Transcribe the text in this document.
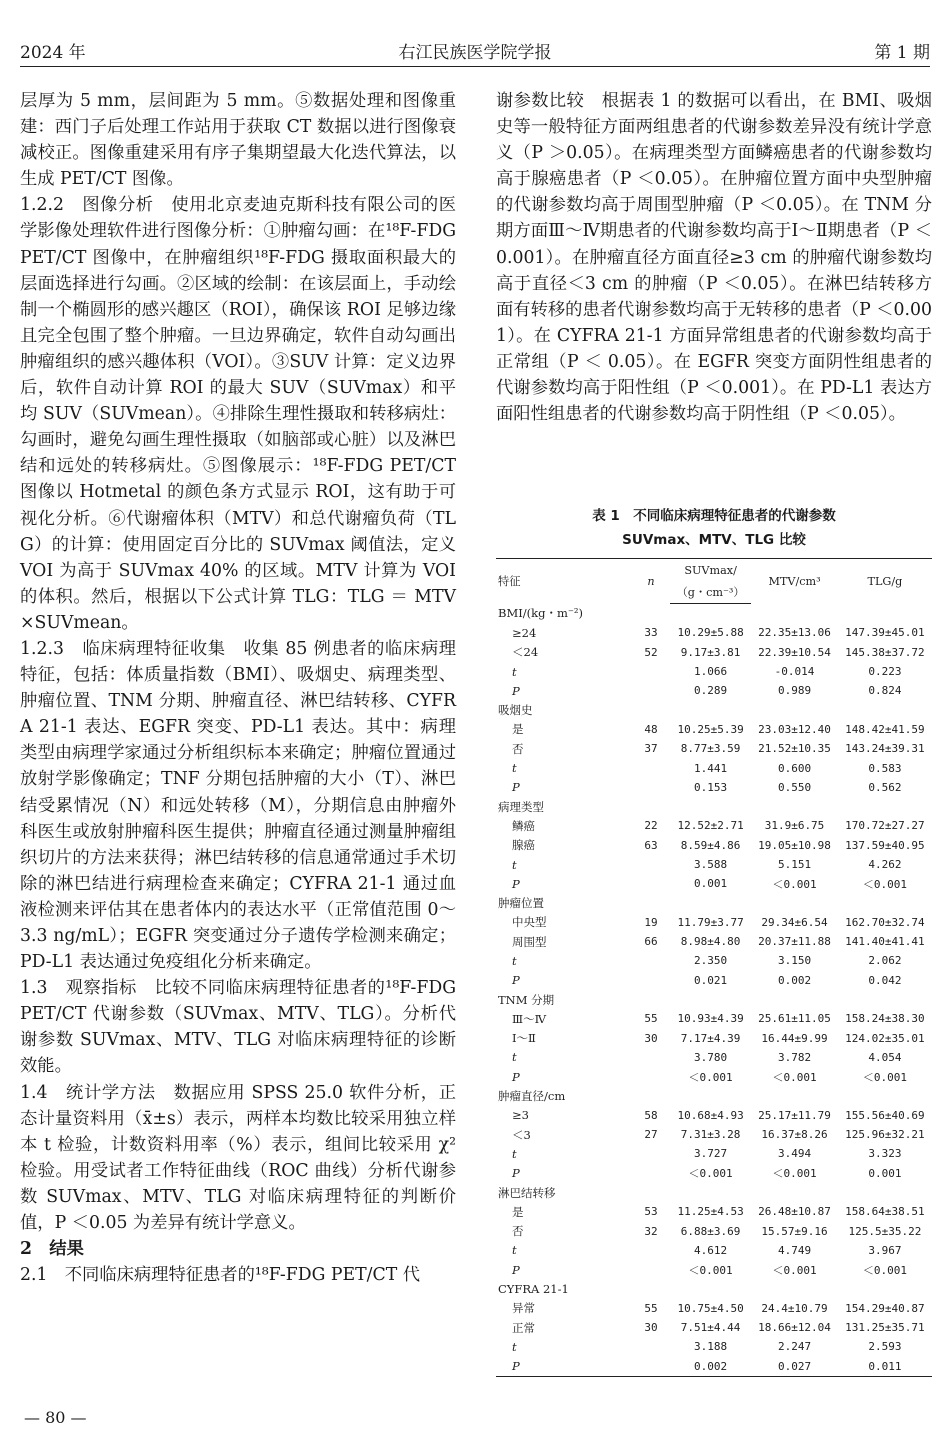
2024 年	右江民族医学院学报	第 1 期

层厚为 5 mm，层间距为 5 mm。⑤数据处理和图像重建：西门子后处理工作站用于获取 CT 数据以进行图像衰减校正。图像重建采用有序子集期望最大化迭代算法，以生成 PET/CT 图像。

1.2.2　图像分析　使用北京麦迪克斯科技有限公司的医学影像处理软件进行图像分析：①肿瘤勾画：在¹⁸F-FDG PET/CT 图像中，在肿瘤组织¹⁸F-FDG 摄取面积最大的层面选择进行勾画。②区域的绘制：在该层面上，手动绘制一个椭圆形的感兴趣区（ROI），确保该 ROI 足够边缘且完全包围了整个肿瘤。一旦边界确定，软件自动勾画出肿瘤组织的感兴趣体积（VOI）。③SUV 计算：定义边界后，软件自动计算 ROI 的最大 SUV（SUVmax）和平均 SUV（SUVmean）。④排除生理性摄取和转移病灶：勾画时，避免勾画生理性摄取（如脑部或心脏）以及淋巴结和远处的转移病灶。⑤图像展示：¹⁸F-FDG PET/CT 图像以 Hotmetal 的颜色条方式显示 ROI，这有助于可视化分析。⑥代谢瘤体积（MTV）和总代谢瘤负荷（TLG）的计算：使用固定百分比的 SUVmax 阈值法，定义 VOI 为高于 SUVmax 40% 的区域。MTV 计算为 VOI 的体积。然后，根据以下公式计算 TLG：TLG ＝ MTV×SUVmean。

1.2.3　临床病理特征收集　收集 85 例患者的临床病理特征，包括：体质量指数（BMI）、吸烟史、病理类型、肿瘤位置、TNM 分期、肿瘤直径、淋巴结转移、CYFRA 21-1 表达、EGFR 突变、PD-L1 表达。其中：病理类型由病理学家通过分析组织标本来确定；肿瘤位置通过放射学影像确定；TNF 分期包括肿瘤的大小（T）、淋巴结受累情况（N）和远处转移（M），分期信息由肿瘤外科医生或放射肿瘤科医生提供；肿瘤直径通过测量肿瘤组织切片的方法来获得；淋巴结转移的信息通常通过手术切除的淋巴结进行病理检查来确定；CYFRA 21-1 通过血液检测来评估其在患者体内的表达水平（正常值范围 0～3.3 ng/mL）；EGFR 突变通过分子遗传学检测来确定；PD-L1 表达通过免疫组化分析来确定。

1.3　观察指标　比较不同临床病理特征患者的¹⁸F-FDG PET/CT 代谢参数（SUVmax、MTV、TLG）。分析代谢参数 SUVmax、MTV、TLG 对临床病理特征的诊断效能。

1.4　统计学方法　数据应用 SPSS 25.0 软件分析，正态计量资料用（x̄±s）表示，两样本均数比较采用独立样本 t 检验，计数资料用率（%）表示，组间比较采用 χ² 检验。用受试者工作特征曲线（ROC 曲线）分析代谢参数 SUVmax、MTV、TLG 对临床病理特征的判断价值，P ＜0.05 为差异有统计学意义。

2　结果

2.1　不同临床病理特征患者的¹⁸F-FDG PET/CT 代

谢参数比较　根据表 1 的数据可以看出，在 BMI、吸烟史等一般特征方面两组患者的代谢参数差异没有统计学意义（P ＞0.05）。在病理类型方面鳞癌患者的代谢参数均高于腺癌患者（P ＜0.05）。在肿瘤位置方面中央型肿瘤的代谢参数均高于周围型肿瘤（P ＜0.05）。在 TNM 分期方面Ⅲ～Ⅳ期患者的代谢参数均高于Ⅰ～Ⅱ期患者（P ＜0.001）。在肿瘤直径方面直径≥3 cm 的肿瘤代谢参数均高于直径＜3 cm 的肿瘤（P ＜0.05）。在淋巴结转移方面有转移的患者代谢参数均高于无转移的患者（P ＜0.001）。在 CYFRA 21-1 方面异常组患者的代谢参数均高于正常组（P ＜ 0.05）。在 EGFR 突变方面阴性组患者的代谢参数均高于阳性组（P ＜0.001）。在 PD-L1 表达方面阳性组患者的代谢参数均高于阴性组（P ＜0.05）。

表 1　不同临床病理特征患者的代谢参数
SUVmax、MTV、TLG 比较
特征	n	SUVmax/	MTV/cm³	TLG/g
		（g・cm⁻³）		
BMI/(kg・m⁻²)				
≥24	33	10.29±5.88	22.35±13.06	147.39±45.01
＜24	52	9.17±3.81	22.39±10.54	145.38±37.72
t		1.066	-0.014	0.223
P		0.289	0.989	0.824
吸烟史				
是	48	10.25±5.39	23.03±12.40	148.42±41.59
否	37	8.77±3.59	21.52±10.35	143.24±39.31
t		1.441	0.600	0.583
P		0.153	0.550	0.562
病理类型				
鳞癌	22	12.52±2.71	31.9±6.75	170.72±27.27
腺癌	63	8.59±4.86	19.05±10.98	137.59±40.95
t		3.588	5.151	4.262
P		0.001	＜0.001	＜0.001
肿瘤位置				
中央型	19	11.79±3.77	29.34±6.54	162.70±32.74
周围型	66	8.98±4.80	20.37±11.88	141.40±41.41
t		2.350	3.150	2.062
P		0.021	0.002	0.042
TNM 分期				
Ⅲ～Ⅳ	55	10.93±4.39	25.61±11.05	158.24±38.30
Ⅰ～Ⅱ	30	7.17±4.39	16.44±9.99	124.02±35.01
t		3.780	3.782	4.054
P		＜0.001	＜0.001	＜0.001
肿瘤直径/cm				
≥3	58	10.68±4.93	25.17±11.79	155.56±40.69
＜3	27	7.31±3.28	16.37±8.26	125.96±32.21
t		3.727	3.494	3.323
P		＜0.001	＜0.001	0.001
淋巴结转移				
是	53	11.25±4.53	26.48±10.87	158.64±38.51
否	32	6.88±3.69	15.57±9.16	125.5±35.22
t		4.612	4.749	3.967
P		＜0.001	＜0.001	＜0.001
CYFRA 21-1				
异常	55	10.75±4.50	24.4±10.79	154.29±40.87
正常	30	7.51±4.44	18.66±12.04	131.25±35.71
t		3.188	2.247	2.593
P		0.002	0.027	0.011
— 80 —
